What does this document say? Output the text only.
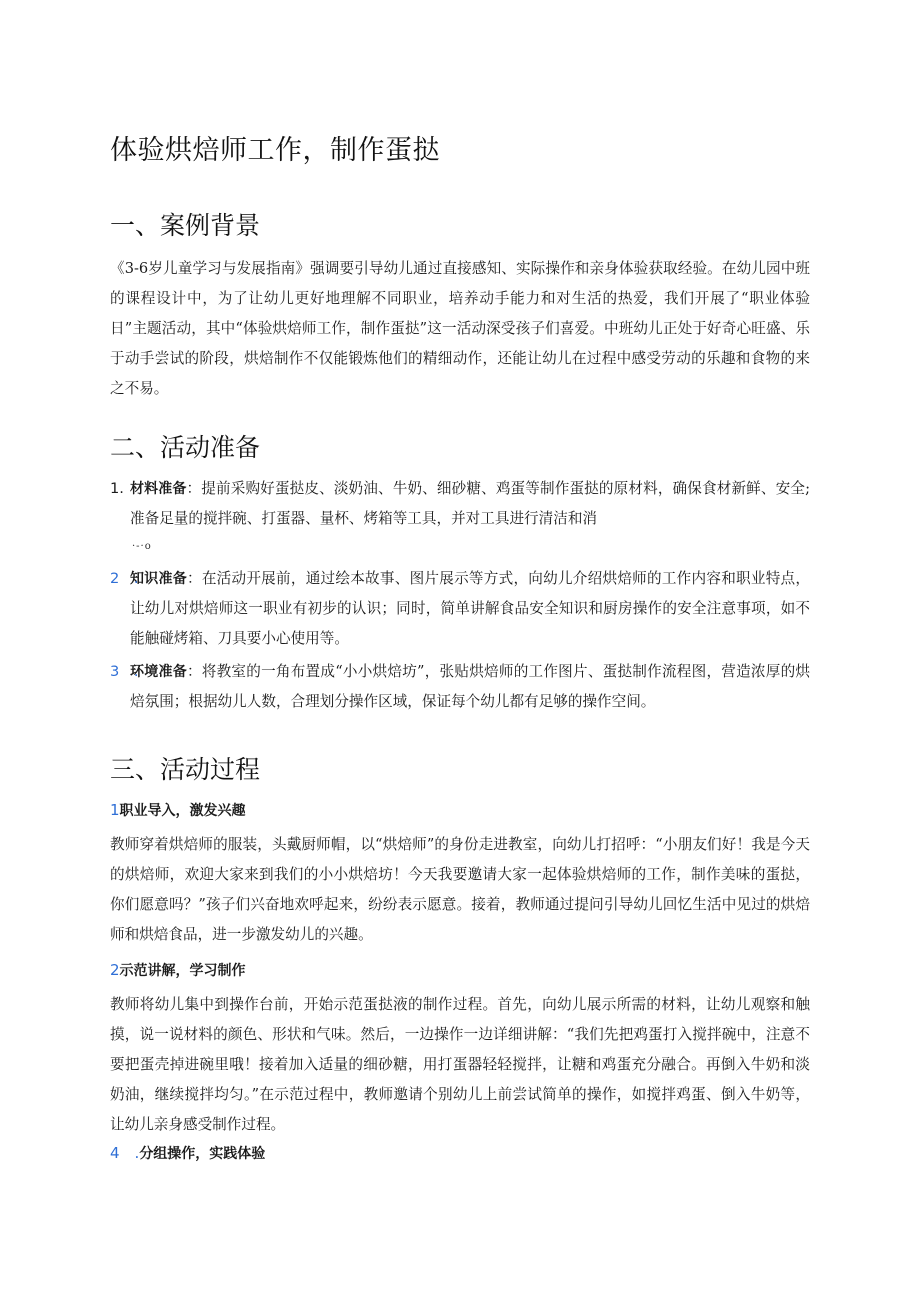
体验烘焙师工作，制作蛋挞
一、案例背景

《3-6岁儿童学习与发展指南》强调要引导幼儿通过直接感知、实际操作和亲身体验获取经验。在幼儿园中班的课程设计中，为了让幼儿更好地理解不同职业，培养动手能力和对生活的热爱，我们开展了“职业体验日”主题活动，其中“体验烘焙师工作，制作蛋挞”这一活动深受孩子们喜爱。中班幼儿正处于好奇心旺盛、乐于动手尝试的阶段，烘焙制作不仅能锻炼他们的精细动作，还能让幼儿在过程中感受劳动的乐趣和食物的来之不易。

二、活动准备
1. 材料准备：提前采购好蛋挞皮、淡奶油、牛奶、细砂糖、鸡蛋等制作蛋挞的原材料，确保食材新鲜、安全;准备足量的搅拌碗、打蛋器、量杯、烤箱等工具，并对工具进行清洁和消
·-·o
2　.
知识准备：在活动开展前，通过绘本故事、图片展示等方式，向幼儿介绍烘焙师的工作内容和职业特点，让幼儿对烘焙师这一职业有初步的认识；同时，简单讲解食品安全知识和厨房操作的安全注意事项，如不能触碰烤箱、刀具要小心使用等。
3　.
环境准备：将教室的一角布置成“小小烘焙坊”，张贴烘焙师的工作图片、蛋挞制作流程图，营造浓厚的烘焙氛围；根据幼儿人数，合理划分操作区域，保证每个幼儿都有足够的操作空间。
三、活动过程
1职业导入，激发兴趣

教师穿着烘焙师的服装，头戴厨师帽，以“烘焙师”的身份走进教室，向幼儿打招呼：“小朋友们好！我是今天的烘焙师，欢迎大家来到我们的小小烘焙坊！今天我要邀请大家一起体验烘焙师的工作，制作美味的蛋挞，你们愿意吗？”孩子们兴奋地欢呼起来，纷纷表示愿意。接着，教师通过提问引导幼儿回忆生活中见过的烘焙师和烘焙食品，进一步激发幼儿的兴趣。

2示范讲解，学习制作

教师将幼儿集中到操作台前，开始示范蛋挞液的制作过程。首先，向幼儿展示所需的材料，让幼儿观察和触摸，说一说材料的颜色、形状和气味。然后，一边操作一边详细讲解：“我们先把鸡蛋打入搅拌碗中，注意不要把蛋壳掉进碗里哦！接着加入适量的细砂糖，用打蛋器轻轻搅拌，让糖和鸡蛋充分融合。再倒入牛奶和淡奶油，继续搅拌均匀。”在示范过程中，教师邀请个别幼儿上前尝试简单的操作，如搅拌鸡蛋、倒入牛奶等，让幼儿亲身感受制作过程。

4　.分组操作，实践体验
